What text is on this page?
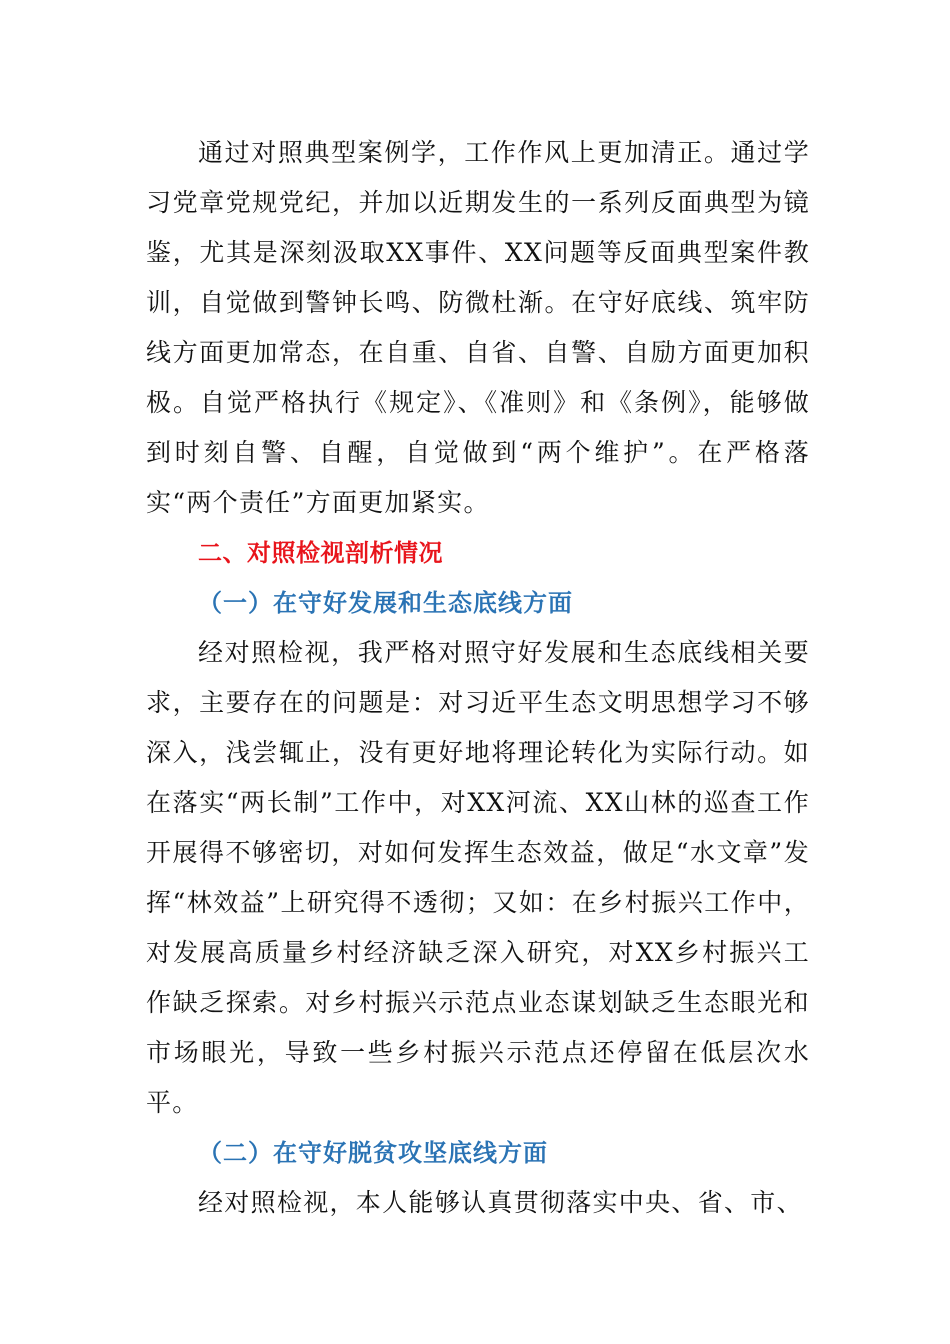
通过对照典型案例学，工作作风上更加清正。通过学习党章党规党纪，并加以近期发生的一系列反面典型为镜鉴，尤其是深刻汲取XX事件、XX问题等反面典型案件教训，自觉做到警钟长鸣、防微杜渐。在守好底线、筑牢防线方面更加常态，在自重、自省、自警、自励方面更加积极。自觉严格执行《规定》、《准则》和《条例》，能够做到时刻自警、自醒，自觉做到“两个维护”。在严格落实“两个责任”方面更加紧实。

二、对照检视剖析情况
（一）在守好发展和生态底线方面

经对照检视，我严格对照守好发展和生态底线相关要求，主要存在的问题是：对习近平生态文明思想学习不够深入，浅尝辄止，没有更好地将理论转化为实际行动。如在落实“两长制”工作中，对XX河流、XX山林的巡查工作开展得不够密切，对如何发挥生态效益，做足“水文章”发挥“林效益”上研究得不透彻；又如：在乡村振兴工作中，对发展高质量乡村经济缺乏深入研究，对XX乡村振兴工作缺乏探索。对乡村振兴示范点业态谋划缺乏生态眼光和市场眼光，导致一些乡村振兴示范点还停留在低层次水平。

（二）在守好脱贫攻坚底线方面

经对照检视，本人能够认真贯彻落实中央、省、市、
